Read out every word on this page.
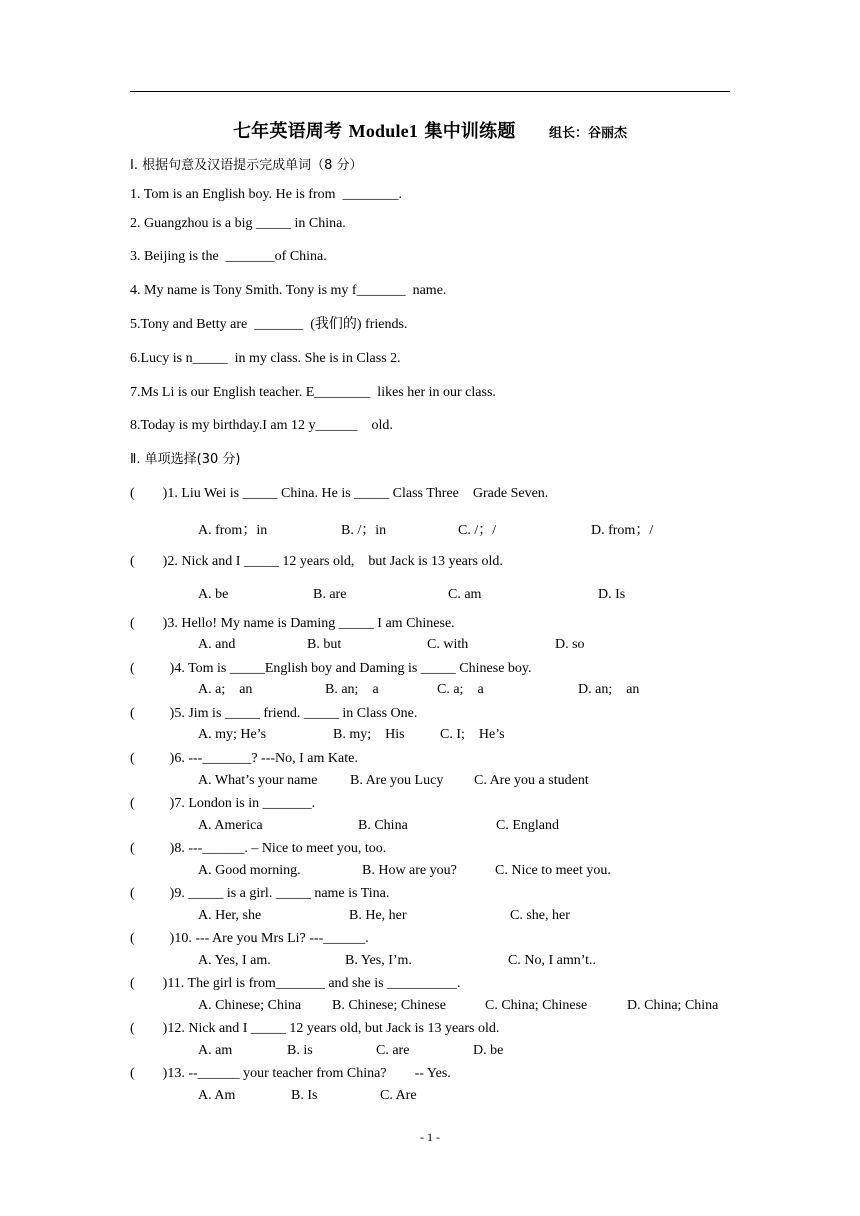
七年英语周考 Module1 集中训练题	组长：谷丽杰
Ⅰ. 根据句意及汉语提示完成单词（8 分）
1. Tom is an English boy. He is from  ________.
2. Guangzhou is a big _____ in China.
3. Beijing is the  _______of China.
4. My name is Tony Smith. Tony is my f_______  name.
5.Tony and Betty are  _______  (我们的) friends.
6.Lucy is n_____  in my class. She is in Class 2.
7.Ms Li is our English teacher. E________  likes her in our class.
8.Today is my birthday.I am 12 y______    old.
Ⅱ. 单项选择(30 分)
(        )1. Liu Wei is _____ China. He is _____ Class Three    Grade Seven.
A. from；in	B. /；in	C. /；/	D. from；/
(        )2. Nick and I _____ 12 years old,    but Jack is 13 years old.
A. be	B. are	C. am	D. Is
(        )3. Hello! My name is Daming _____ I am Chinese.
A. and	B. but	C. with	D. so
(          )4. Tom is _____English boy and Daming is _____ Chinese boy.
A. a;    an	B. an;    a	C. a;    a	D. an;    an
(          )5. Jim is _____ friend. _____ in Class One.
A. my; He’s	B. my;    His	C. I;    He’s
(          )6. ---_______? ---No, I am Kate.
A. What’s your name B. Are you Lucy C. Are you a student
(          )7. London is in _______.
A. America	B. China	C. England
(          )8. ---______. – Nice to meet you, too.
A. Good morning.	B. How are you?	C. Nice to meet you.
(          )9. _____ is a girl. _____ name is Tina.
A. Her, she	B. He, her	C. she, her
(          )10. --- Are you Mrs Li? ---______.
A. Yes, I am.	B. Yes, I’m.	C. No, I amn’t..
(        )11. The girl is from_______ and she is __________.
A. Chinese; China B. Chinese; Chinese	C. China; Chinese	D. China; China
(        )12. Nick and I _____ 12 years old, but Jack is 13 years old.
A. am	B. is	C. are	D. be
(        )13. --______ your teacher from China?        -- Yes.
A. Am	B. Is	C. Are
- 1 -
